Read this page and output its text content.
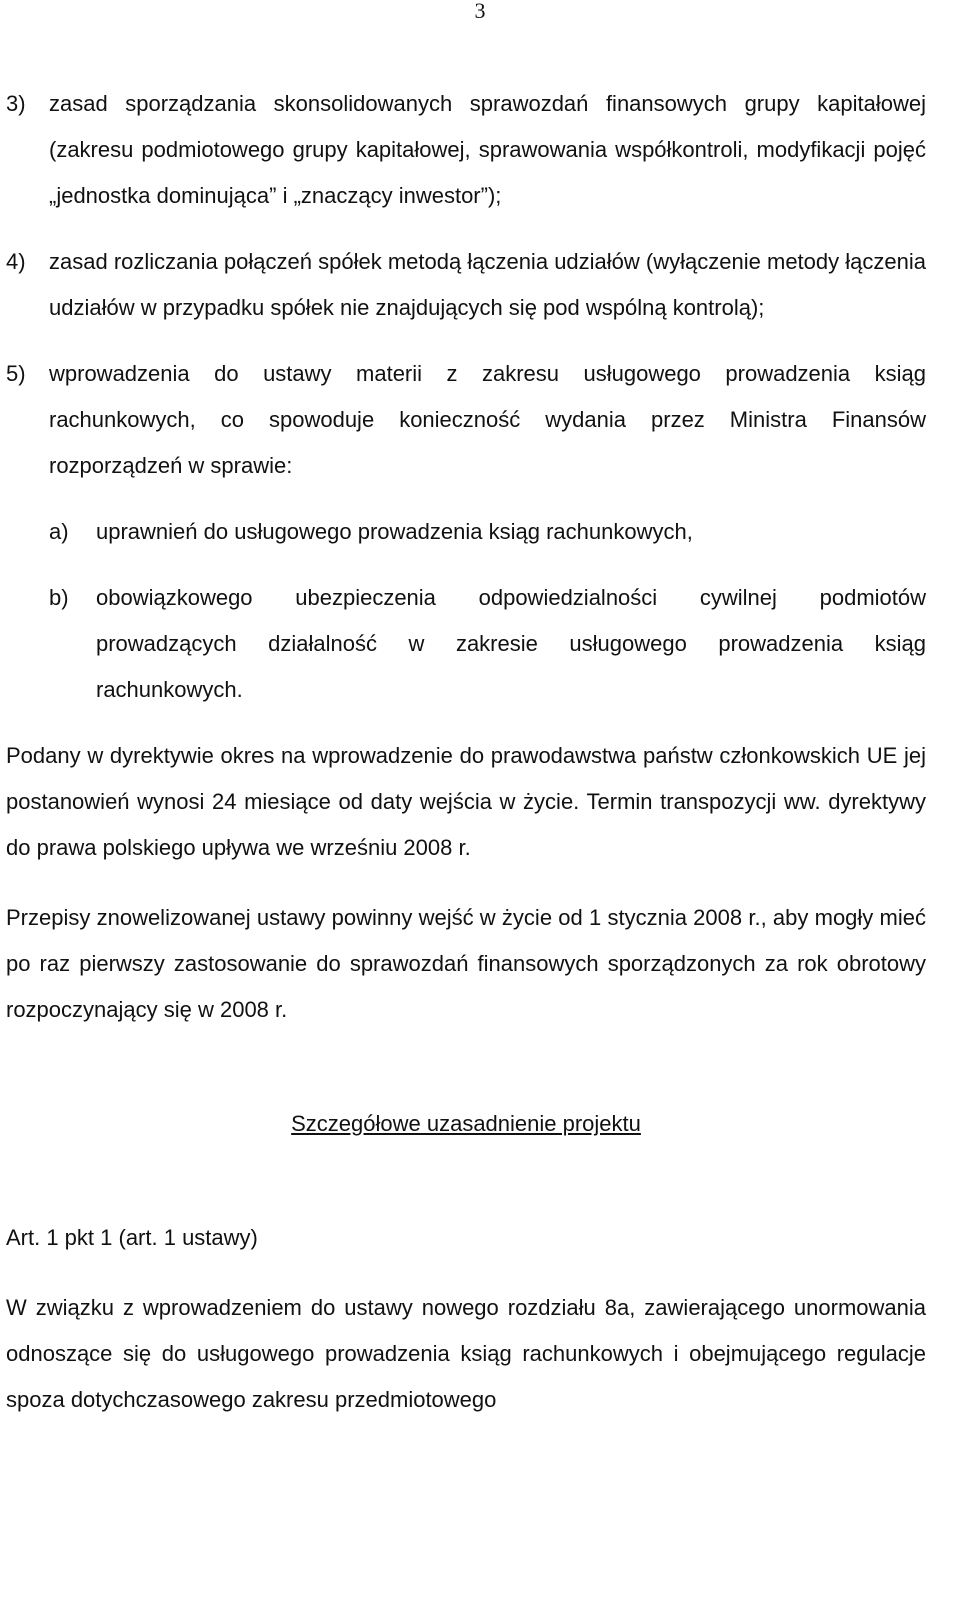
3
3)	zasad sporządzania skonsolidowanych sprawozdań finansowych grupy kapitałowej (zakresu podmiotowego grupy kapitałowej, sprawowania współkontroli, modyfikacji pojęć „jednostka dominująca” i „znaczący inwestor”);
4)	zasad rozliczania połączeń spółek metodą łączenia udziałów (wyłączenie metody łączenia udziałów w przypadku spółek nie znajdujących się pod wspólną kontrolą);
5)	wprowadzenia do ustawy materii z zakresu usługowego prowadzenia ksiąg rachunkowych, co spowoduje konieczność wydania przez Ministra Finansów rozporządzeń w sprawie:
a)	uprawnień do usługowego prowadzenia ksiąg rachunkowych,
b)	obowiązkowego ubezpieczenia odpowiedzialności cywilnej podmiotów prowadzących działalność w zakresie usługowego prowadzenia ksiąg rachunkowych.

Podany w dyrektywie okres na wprowadzenie do prawodawstwa państw członkowskich UE jej postanowień wynosi 24 miesiące od daty wejścia w życie. Termin transpozycji ww. dyrektywy do prawa polskiego upływa we wrześniu 2008 r.

Przepisy znowelizowanej ustawy powinny wejść w życie od 1 stycznia 2008 r., aby mogły mieć po raz pierwszy zastosowanie do sprawozdań finansowych sporządzonych za rok obrotowy rozpoczynający się w 2008 r.

Szczegółowe uzasadnienie projektu

Art. 1 pkt 1 (art. 1 ustawy)

W związku z wprowadzeniem do ustawy nowego rozdziału 8a, zawierającego unormowania odnoszące się do usługowego prowadzenia ksiąg rachunkowych i obejmującego regulacje spoza dotychczasowego zakresu przedmiotowego
